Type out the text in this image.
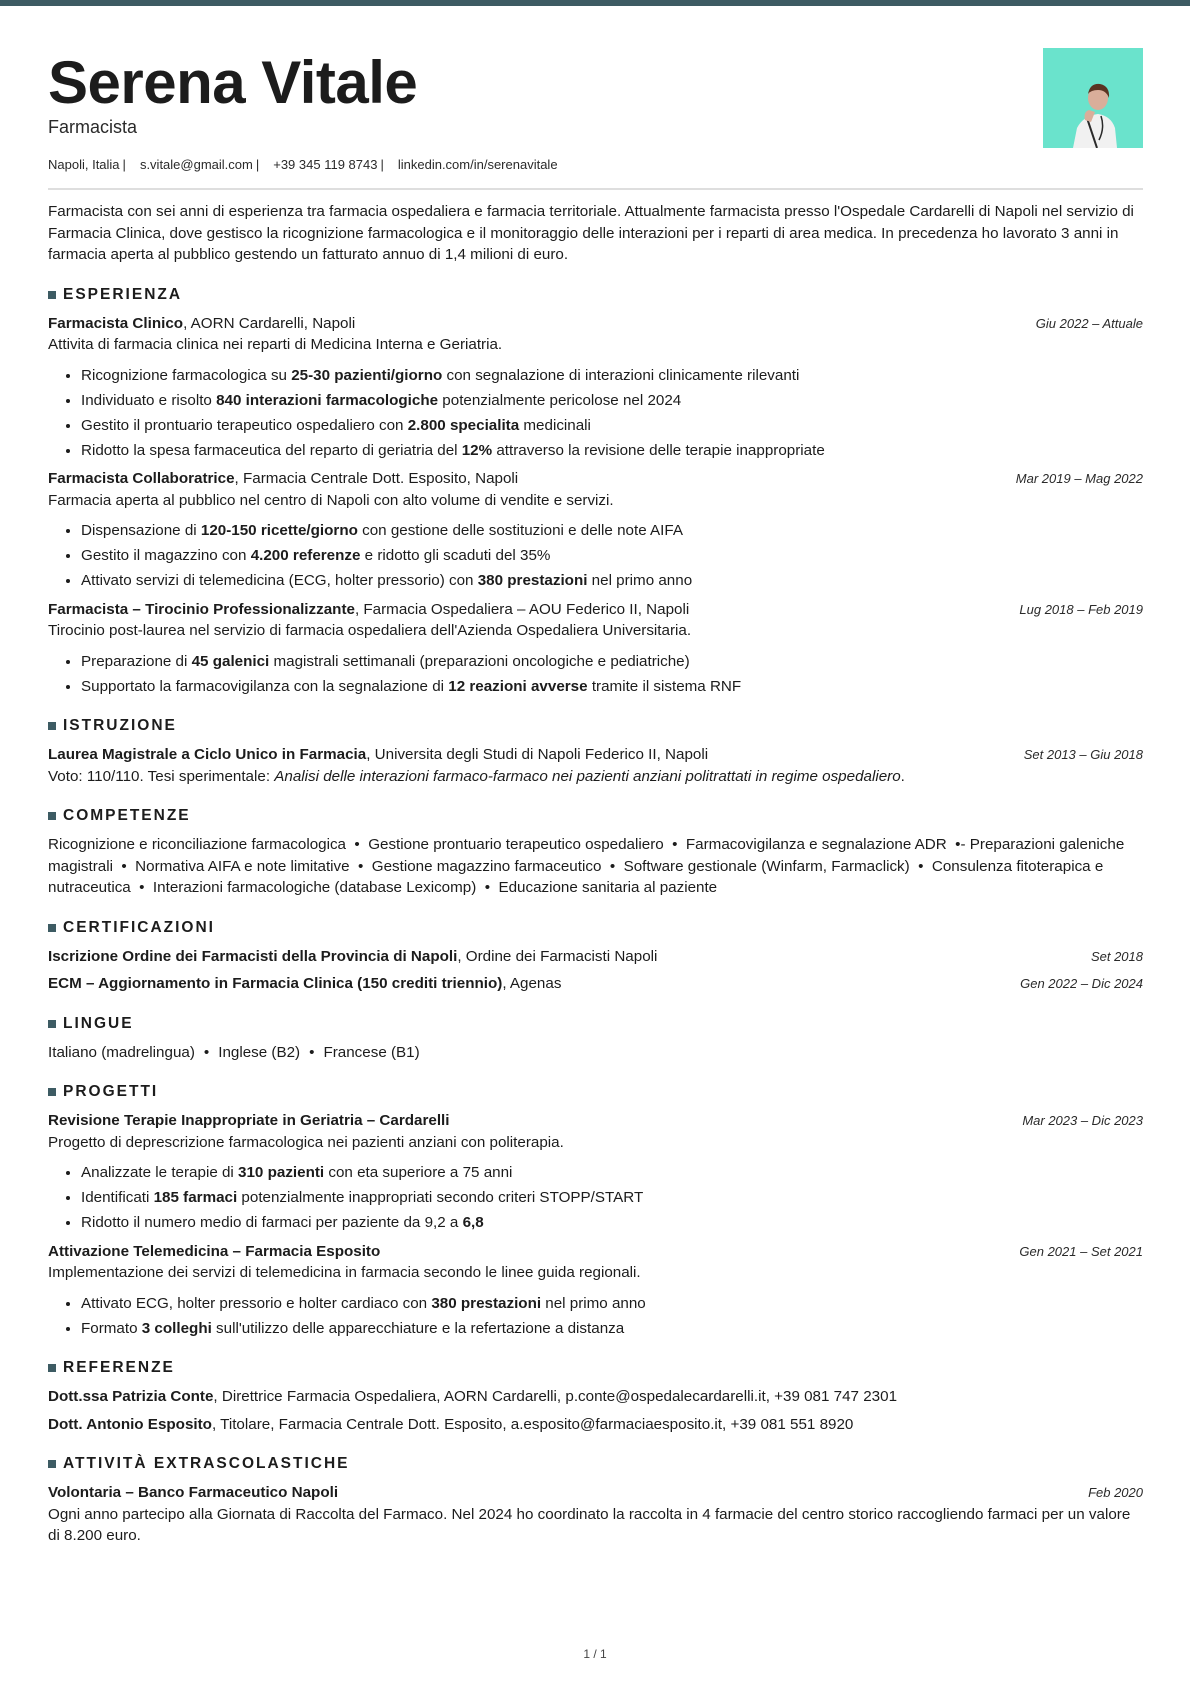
Serena Vitale
Farmacista
Napoli, Italia | s.vitale@gmail.com | +39 345 119 8743 | linkedin.com/in/serenavitale

Farmacista con sei anni di esperienza tra farmacia ospedaliera e farmacia territoriale. Attualmente farmacista presso l'Ospedale Cardarelli di Napoli nel servizio di Farmacia Clinica, dove gestisco la ricognizione farmacologica e il monitoraggio delle interazioni per i reparti di area medica. In precedenza ho lavorato 3 anni in farmacia aperta al pubblico gestendo un fatturato annuo di 1,4 milioni di euro.

ESPERIENZA
Farmacista Clinico, AORN Cardarelli, Napoli	Giu 2022 – Attuale

Attivita di farmacia clinica nei reparti di Medicina Interna e Geriatria.

• Ricognizione farmacologica su 25-30 pazienti/giorno con segnalazione di interazioni clinicamente rilevanti
• Individuato e risolto 840 interazioni farmacologiche potenzialmente pericolose nel 2024
• Gestito il prontuario terapeutico ospedaliero con 2.800 specialita medicinali
• Ridotto la spesa farmaceutica del reparto di geriatria del 12% attraverso la revisione delle terapie inappropriate
Farmacista Collaboratrice, Farmacia Centrale Dott. Esposito, Napoli	Mar 2019 – Mag 2022

Farmacia aperta al pubblico nel centro di Napoli con alto volume di vendite e servizi.

• Dispensazione di 120-150 ricette/giorno con gestione delle sostituzioni e delle note AIFA
• Gestito il magazzino con 4.200 referenze e ridotto gli scaduti del 35%
• Attivato servizi di telemedicina (ECG, holter pressorio) con 380 prestazioni nel primo anno
Farmacista – Tirocinio Professionalizzante, Farmacia Ospedaliera – AOU Federico II, Napoli	Lug 2018 – Feb 2019

Tirocinio post-laurea nel servizio di farmacia ospedaliera dell'Azienda Ospedaliera Universitaria.

• Preparazione di 45 galenici magistrali settimanali (preparazioni oncologiche e pediatriche)
• Supportato la farmacovigilanza con la segnalazione di 12 reazioni avverse tramite il sistema RNF
ISTRUZIONE
Laurea Magistrale a Ciclo Unico in Farmacia, Universita degli Studi di Napoli Federico II, Napoli	Set 2013 – Giu 2018

Voto: 110/110. Tesi sperimentale: Analisi delle interazioni farmaco-farmaco nei pazienti anziani politrattati in regime ospedaliero.

COMPETENZE

Ricognizione e riconciliazione farmacologica  •  Gestione prontuario terapeutico ospedaliero  •  Farmacovigilanza e segnalazione ADR  •- Preparazioni galeniche magistrali  •  Normativa AIFA e note limitative  •  Gestione magazzino farmaceutico  •  Software gestionale (Winfarm, Farmaclick)  •  Consulenza fitoterapica e nutraceutica  •  Interazioni farmacologiche (database Lexicomp)  •  Educazione sanitaria al paziente

CERTIFICAZIONI
Iscrizione Ordine dei Farmacisti della Provincia di Napoli, Ordine dei Farmacisti Napoli	Set 2018
ECM – Aggiornamento in Farmacia Clinica (150 crediti triennio), Agenas	Gen 2022 – Dic 2024
LINGUE
Italiano (madrelingua) • Inglese (B2) • Francese (B1)
PROGETTI
Revisione Terapie Inappropriate in Geriatria – Cardarelli	Mar 2023 – Dic 2023

Progetto di deprescrizione farmacologica nei pazienti anziani con politerapia.

• Analizzate le terapie di 310 pazienti con eta superiore a 75 anni
• Identificati 185 farmaci potenzialmente inappropriati secondo criteri STOPP/START
• Ridotto il numero medio di farmaci per paziente da 9,2 a 6,8
Attivazione Telemedicina – Farmacia Esposito	Gen 2021 – Set 2021

Implementazione dei servizi di telemedicina in farmacia secondo le linee guida regionali.

• Attivato ECG, holter pressorio e holter cardiaco con 380 prestazioni nel primo anno
• Formato 3 colleghi sull'utilizzo delle apparecchiature e la refertazione a distanza
REFERENZE
Dott.ssa Patrizia Conte, Direttrice Farmacia Ospedaliera, AORN Cardarelli, p.conte@ospedalecardarelli.it, +39 081 747 2301
Dott. Antonio Esposito, Titolare, Farmacia Centrale Dott. Esposito, a.esposito@farmaciaesposito.it, +39 081 551 8920
ATTIVITÀ EXTRASCOLASTICHE
Volontaria – Banco Farmaceutico Napoli	Feb 2020

Ogni anno partecipo alla Giornata di Raccolta del Farmaco. Nel 2024 ho coordinato la raccolta in 4 farmacie del centro storico raccogliendo farmaci per un valore di 8.200 euro.

1 / 1
